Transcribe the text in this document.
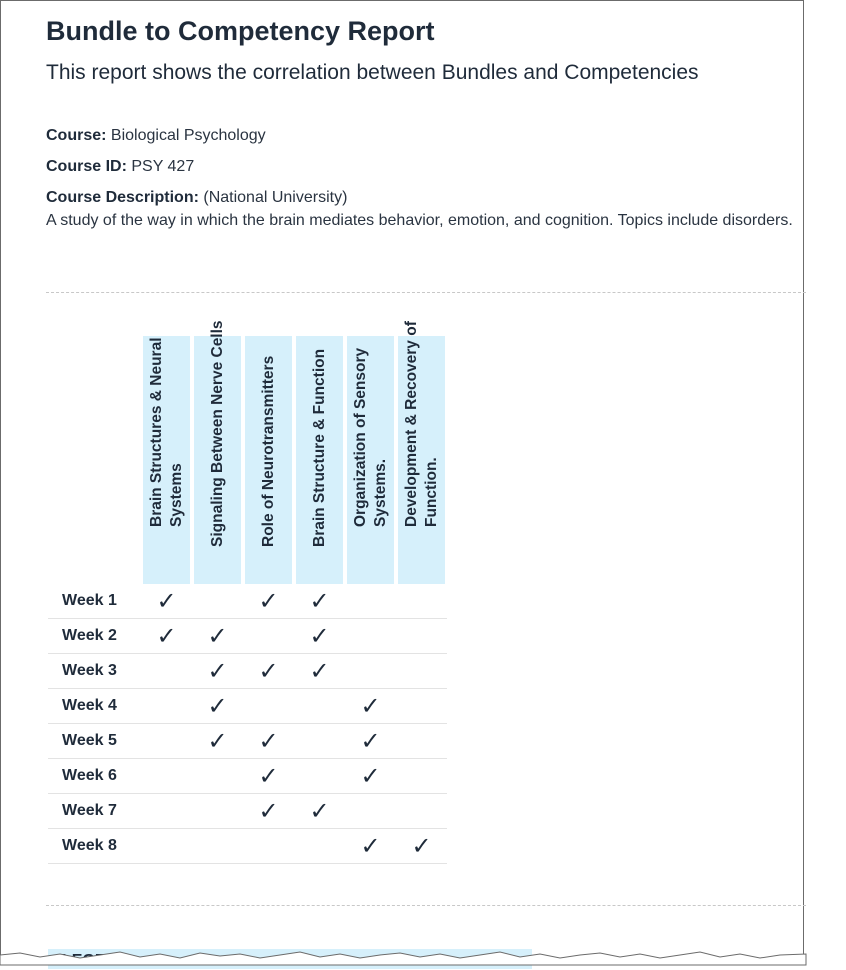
Bundle to Competency Report
This report shows the correlation between Bundles and Competencies
Course: Biological Psychology
Course ID: PSY 427
Course Description: (National University)
A study of the way in which the brain mediates behavior, emotion, and cognition. Topics include disorders.

	Brain Structures & Neural Systems	Signaling Between Nerve Cells	Role of Neurotransmitters	Brain Structure & Function	Organization of Sensory Systems.	Development & Recovery of Function.

Week 1	✓		✓	✓		
Week 2	✓	✓		✓		
Week 3		✓	✓	✓		
Week 4		✓			✓	
Week 5		✓	✓		✓	
Week 6			✓		✓	
Week 7			✓	✓		
Week 8					✓	✓
